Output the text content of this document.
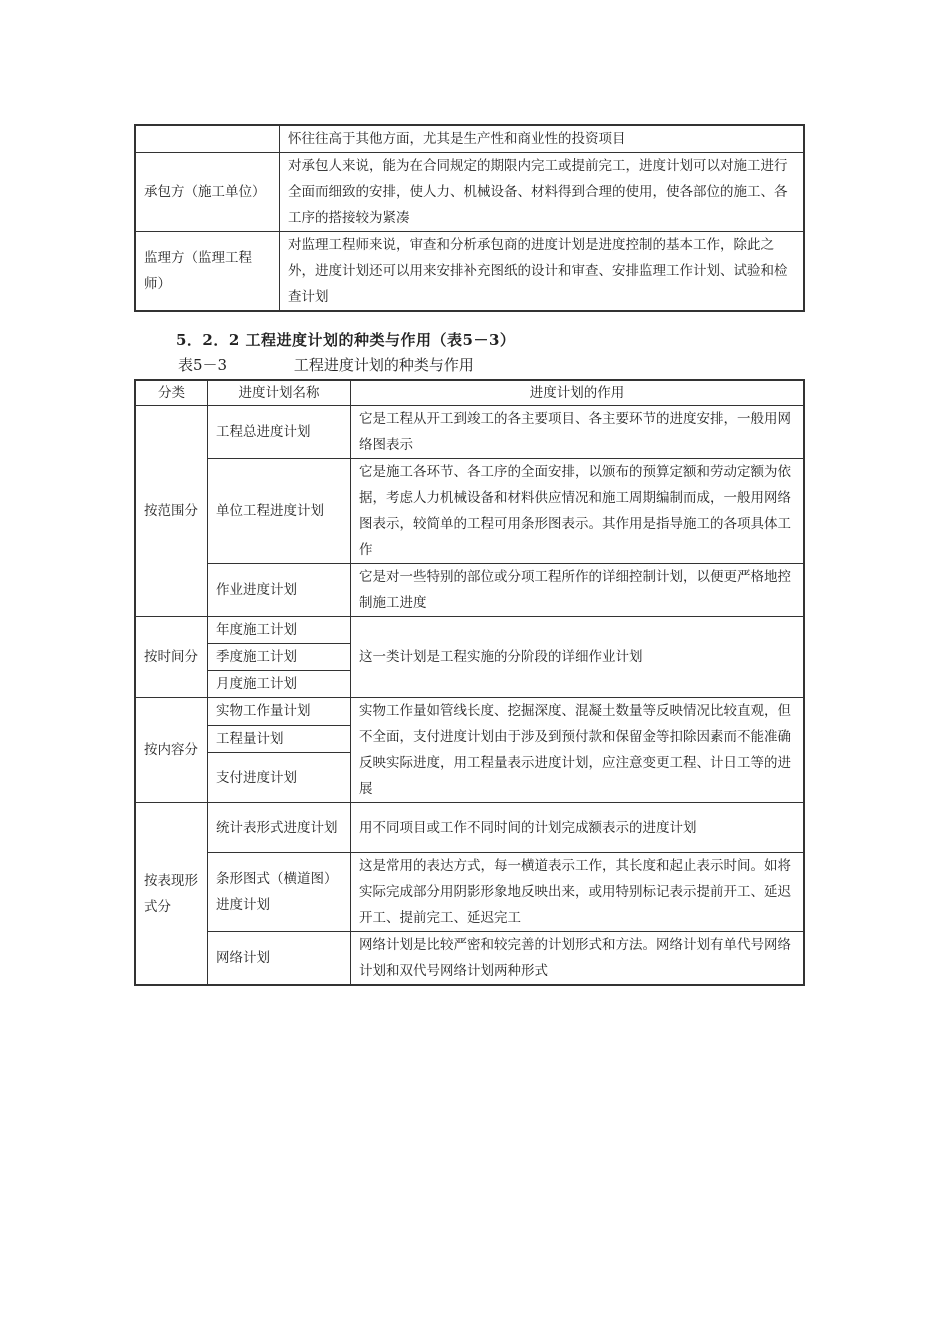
	怀往往高于其他方面，尤其是生产性和商业性的投资项目
承包方（施工单位）	对承包人来说，能为在合同规定的期限内完工或提前完工，进度计划可以对施工进行全面而细致的安排，使人力、机械设备、材料得到合理的使用，使各部位的施工、各工序的搭接较为紧凑
监理方（监理工程师）	对监理工程师来说，审查和分析承包商的进度计划是进度控制的基本工作，除此之外，进度计划还可以用来安排补充图纸的设计和审查、安排监理工作计划、试验和检查计划
5．2．2 工程进度计划的种类与作用（表5－3）
表5－3	工程进度计划的种类与作用
分类	进度计划名称	进度计划的作用
按范围分	工程总进度计划	它是工程从开工到竣工的各主要项目、各主要环节的进度安排，一般用网络图表示
	单位工程进度计划	它是施工各环节、各工序的全面安排，以颁布的预算定额和劳动定额为依据，考虑人力机械设备和材料供应情况和施工周期编制而成，一般用网络图表示，较简单的工程可用条形图表示。其作用是指导施工的各项具体工作
	作业进度计划	它是对一些特别的部位或分项工程所作的详细控制计划，以便更严格地控制施工进度
按时间分	年度施工计划	这一类计划是工程实施的分阶段的详细作业计划
	季度施工计划	
	月度施工计划	
按内容分	实物工作量计划	实物工作量如管线长度、挖掘深度、混凝土数量等反映情况比较直观，但不全面，支付进度计划由于涉及到预付款和保留金等扣除因素而不能准确反映实际进度，用工程量表示进度计划，应注意变更工程、计日工等的进展
	工程量计划	
	支付进度计划	
按表现形式分	统计表形式进度计划	用不同项目或工作不同时间的计划完成额表示的进度计划
	条形图式（横道图）进度计划	这是常用的表达方式，每一横道表示工作，其长度和起止表示时间。如将实际完成部分用阴影形象地反映出来，或用特别标记表示提前开工、延迟开工、提前完工、延迟完工
	网络计划	网络计划是比较严密和较完善的计划形式和方法。网络计划有单代号网络计划和双代号网络计划两种形式
